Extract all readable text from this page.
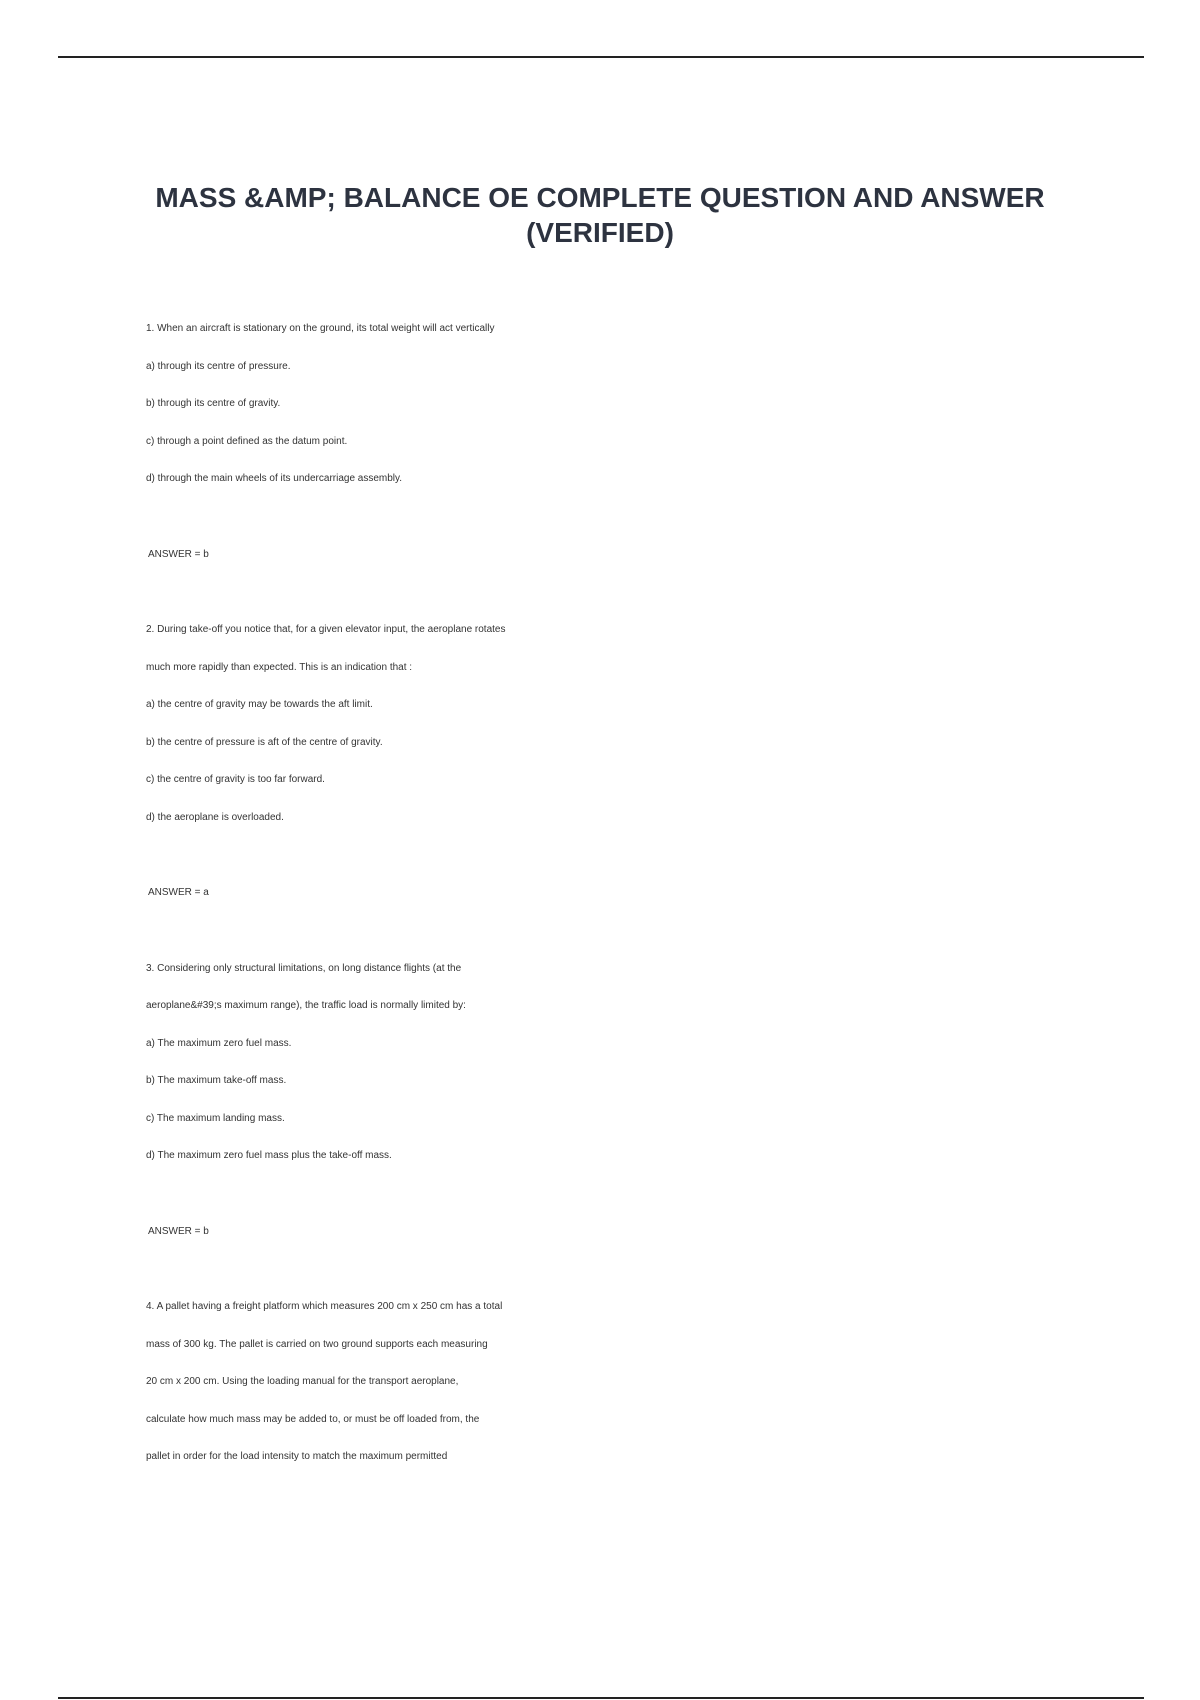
MASS &AMP; BALANCE OE COMPLETE QUESTION AND ANSWER (VERIFIED)
1. When an aircraft is stationary on the ground, its total weight will act vertically
a) through its centre of pressure.
b) through its centre of gravity.
c) through a point defined as the datum point.
d) through the main wheels of its undercarriage assembly.
ANSWER = b
2. During take-off you notice that, for a given elevator input, the aeroplane rotates
much more rapidly than expected. This is an indication that :
a) the centre of gravity may be towards the aft limit.
b) the centre of pressure is aft of the centre of gravity.
c) the centre of gravity is too far forward.
d) the aeroplane is overloaded.
ANSWER = a
3. Considering only structural limitations, on long distance flights (at the
aeroplane&#39;s maximum range), the traffic load is normally limited by:
a) The maximum zero fuel mass.
b) The maximum take-off mass.
c) The maximum landing mass.
d) The maximum zero fuel mass plus the take-off mass.
ANSWER = b
4. A pallet having a freight platform which measures 200 cm x 250 cm has a total
mass of 300 kg. The pallet is carried on two ground supports each measuring
20 cm x 200 cm. Using the loading manual for the transport aeroplane,
calculate how much mass may be added to, or must be off loaded from, the
pallet in order for the load intensity to match the maximum permitted
